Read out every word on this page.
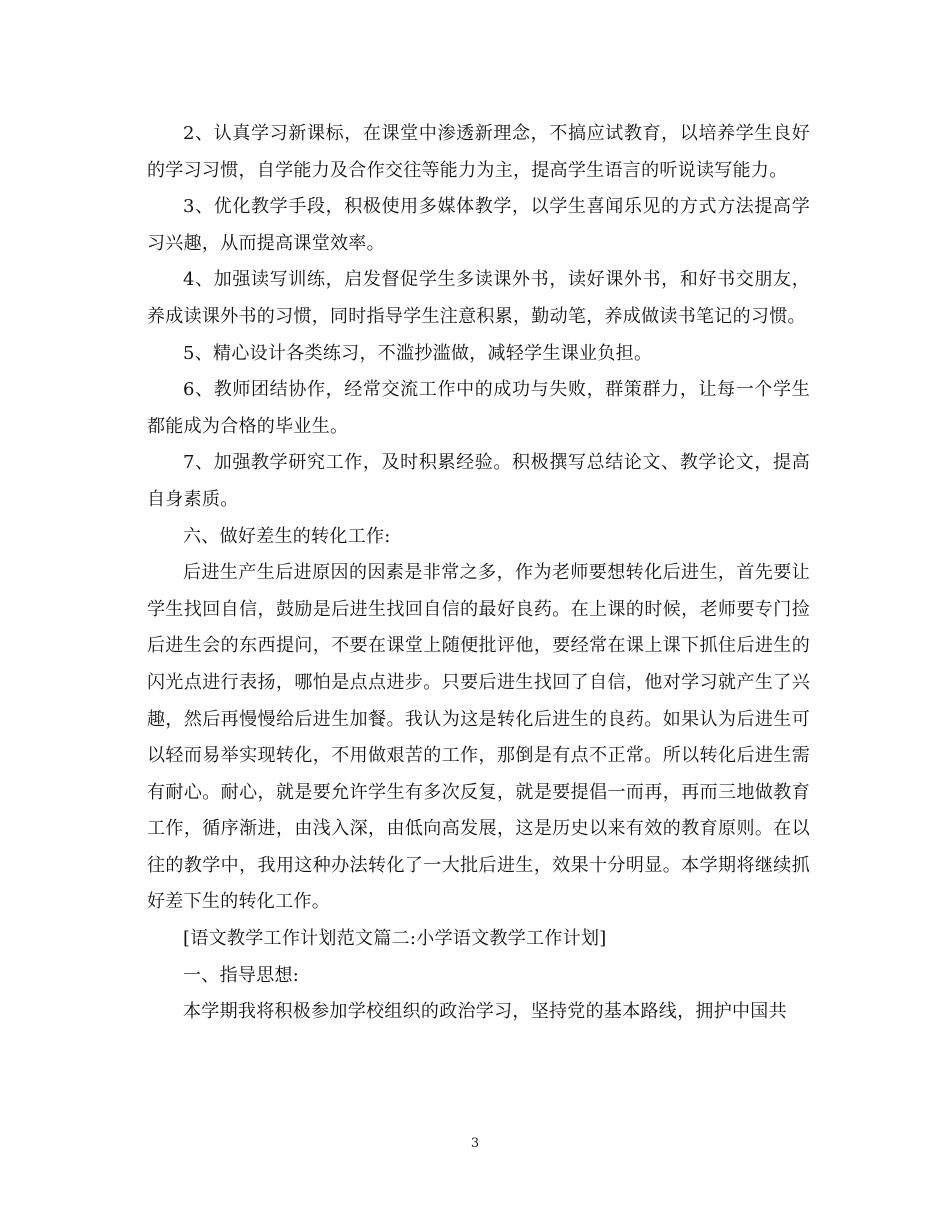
2、认真学习新课标，在课堂中渗透新理念，不搞应试教育，以培养学生良好的学习习惯，自学能力及合作交往等能力为主，提高学生语言的听说读写能力。

3、优化教学手段，积极使用多媒体教学，以学生喜闻乐见的方式方法提高学习兴趣，从而提高课堂效率。

4、加强读写训练，启发督促学生多读课外书，读好课外书，和好书交朋友，养成读课外书的习惯，同时指导学生注意积累，勤动笔，养成做读书笔记的习惯。

5、精心设计各类练习，不滥抄滥做，减轻学生课业负担。

6、教师团结协作，经常交流工作中的成功与失败，群策群力，让每一个学生都能成为合格的毕业生。

7、加强教学研究工作，及时积累经验。积极撰写总结论文、教学论文，提高自身素质。

六、做好差生的转化工作:

后进生产生后进原因的因素是非常之多，作为老师要想转化后进生，首先要让学生找回自信，鼓励是后进生找回自信的最好良药。在上课的时候，老师要专门捡后进生会的东西提问，不要在课堂上随便批评他，要经常在课上课下抓住后进生的闪光点进行表扬，哪怕是点点进步。只要后进生找回了自信，他对学习就产生了兴趣，然后再慢慢给后进生加餐。我认为这是转化后进生的良药。如果认为后进生可以轻而易举实现转化，不用做艰苦的工作，那倒是有点不正常。所以转化后进生需有耐心。耐心，就是要允许学生有多次反复，就是要提倡一而再，再而三地做教育工作，循序渐进，由浅入深，由低向高发展，这是历史以来有效的教育原则。在以往的教学中，我用这种办法转化了一大批后进生，效果十分明显。本学期将继续抓好差下生的转化工作。

[语文教学工作计划范文篇二:小学语文教学工作计划]

一、指导思想:

本学期我将积极参加学校组织的政治学习，坚持党的基本路线，拥护中国共

3
